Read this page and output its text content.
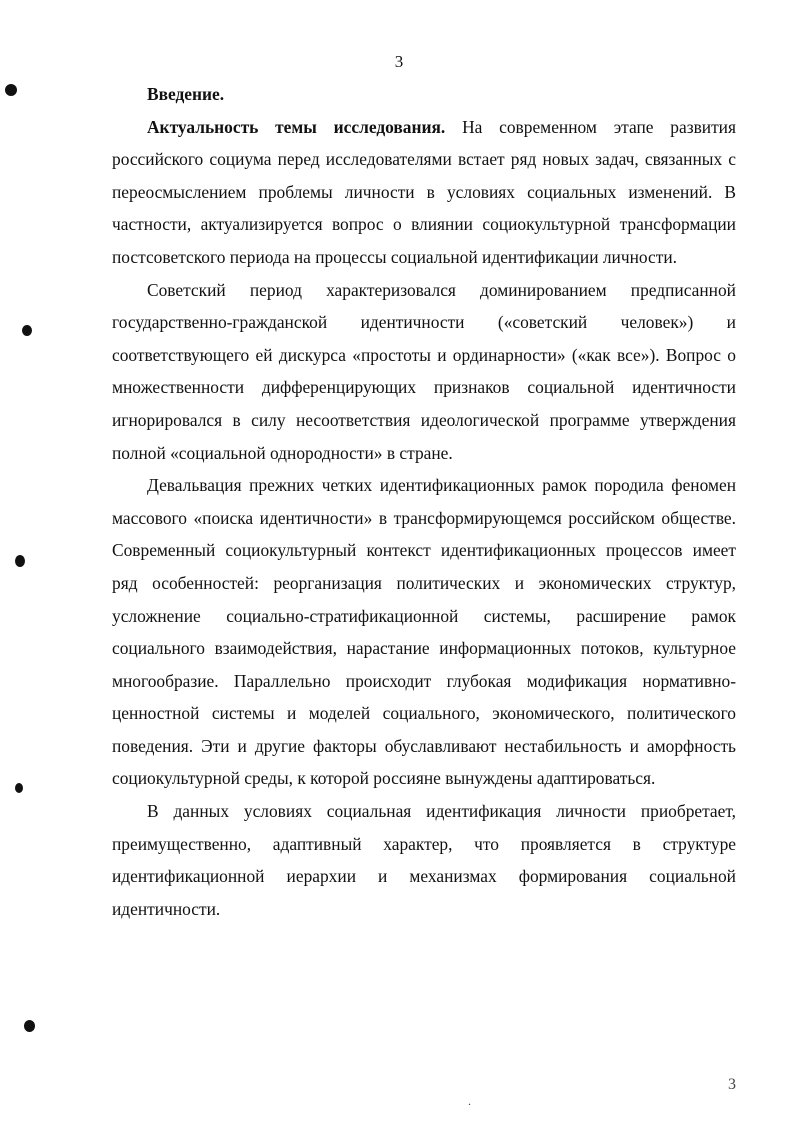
3

Введение.

Актуальность темы исследования. На современном этапе развития российского социума перед исследователями встает ряд новых задач, связанных с переосмыслением проблемы личности в условиях социальных изменений. В частности, актуализируется вопрос о влиянии социокультурной трансформации постсоветского периода на процессы социальной идентификации личности.

Советский период характеризовался доминированием предписанной государственно-гражданской идентичности («советский человек») и соответствующего ей дискурса «простоты и ординарности» («как все»). Вопрос о множественности дифференцирующих признаков социальной идентичности игнорировался в силу несоответствия идеологической программе утверждения полной «социальной однородности» в стране.

Девальвация прежних четких идентификационных рамок породила феномен массового «поиска идентичности» в трансформирующемся российском обществе. Современный социокультурный контекст идентификационных процессов имеет ряд особенностей: реорганизация политических и экономических структур, усложнение социально-стратификационной системы, расширение рамок социального взаимодействия, нарастание информационных потоков, культурное многообразие. Параллельно происходит глубокая модификация нормативно-ценностной системы и моделей социального, экономического, политического поведения. Эти и другие факторы обуславливают нестабильность и аморфность социокультурной среды, к которой россияне вынуждены адаптироваться.

В данных условиях социальная идентификация личности приобретает, преимущественно, адаптивный характер, что проявляется в структуре идентификационной иерархии и механизмах формирования социальной идентичности.

.
3
